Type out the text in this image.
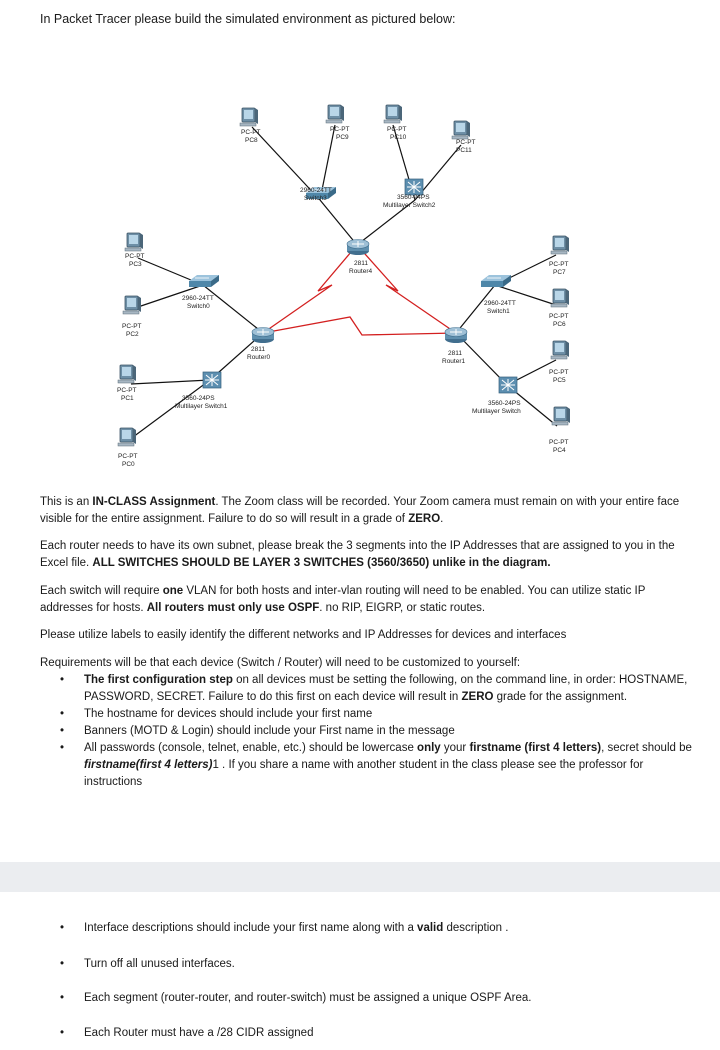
In Packet Tracer please build the simulated environment as pictured below:
PC-PT
PC8
PC-PT
PC9
PC-PT
PC10
PC-PT
PC11
PC-PT
PC3
PC-PT
PC2
PC-PT
PC1
PC-PT
PC0
PC-PT
PC7
PC-PT
PC6
PC-PT
PC5
PC-PT
PC4
2960-24TT
Switch3
2960-24TT
Switch0	2960-24TT
Switch1
3560-24PS
Multilayer Switch2
3560-24PS
Multilayer Switch1	3560-24PS
Multilayer Switch
2811
Router4
2811
Router0
2811
Router1
This is an IN-CLASS Assignment. The Zoom class will be recorded. Your Zoom camera must remain on with your entire face visible for the entire assignment. Failure to do so will result in a grade of ZERO.
Each router needs to have its own subnet, please break the 3 segments into the IP Addresses that are assigned to you in the Excel file. ALL SWITCHES SHOULD BE LAYER 3 SWITCHES (3560/3650) unlike in the diagram.
Each switch will require one VLAN for both hosts and inter-vlan routing will need to be enabled. You can utilize static IP addresses for hosts. All routers must only use OSPF. no RIP, EIGRP, or static routes.
Please utilize labels to easily identify the different networks and IP Addresses for devices and interfaces
Requirements will be that each device (Switch / Router) will need to be customized to yourself:
• The first configuration step on all devices must be setting the following, on the command line, in order: HOSTNAME, PASSWORD, SECRET. Failure to do this first on each device will result in ZERO grade for the assignment.
• The hostname for devices should include your first name
• Banners (MOTD & Login) should include your First name in the message
• All passwords (console, telnet, enable, etc.) should be lowercase only your firstname (first 4 letters), secret should be firstname(first 4 letters)1 . If you share a name with another student in the class please see the professor for instructions
• Interface descriptions should include your first name along with a valid description .
• Turn off all unused interfaces.
• Each segment (router-router, and router-switch) must be assigned a unique OSPF Area.
• Each Router must have a /28 CIDR assigned
